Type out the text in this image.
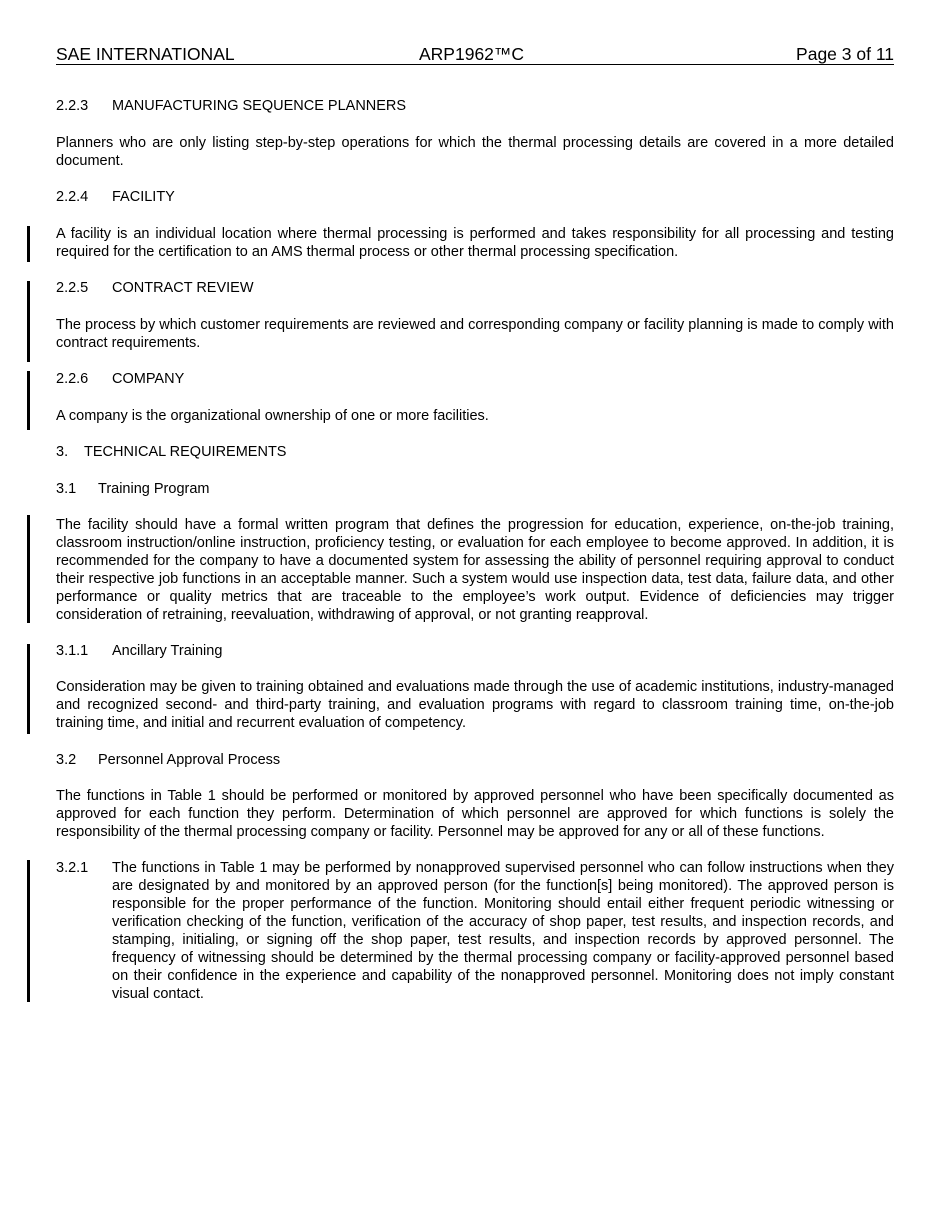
SAE INTERNATIONAL	ARP1962™C	Page 3 of 11
2.2.3 MANUFACTURING SEQUENCE PLANNERS
Planners who are only listing step-by-step operations for which the thermal processing details are covered in a more detailed document.
2.2.4 FACILITY
A facility is an individual location where thermal processing is performed and takes responsibility for all processing and testing required for the certification to an AMS thermal process or other thermal processing specification.
2.2.5 CONTRACT REVIEW
The process by which customer requirements are reviewed and corresponding company or facility planning is made to comply with contract requirements.
2.2.6 COMPANY
A company is the organizational ownership of one or more facilities.
3. TECHNICAL REQUIREMENTS
3.1 Training Program
The facility should have a formal written program that defines the progression for education, experience, on-the-job training, classroom instruction/online instruction, proficiency testing, or evaluation for each employee to become approved. In addition, it is recommended for the company to have a documented system for assessing the ability of personnel requiring approval to conduct their respective job functions in an acceptable manner. Such a system would use inspection data, test data, failure data, and other performance or quality metrics that are traceable to the employee’s work output. Evidence of deficiencies may trigger consideration of retraining, reevaluation, withdrawing of approval, or not granting reapproval.
3.1.1 Ancillary Training
Consideration may be given to training obtained and evaluations made through the use of academic institutions, industry-managed and recognized second- and third-party training, and evaluation programs with regard to classroom training time, on-the-job training time, and initial and recurrent evaluation of competency.
3.2 Personnel Approval Process
The functions in Table 1 should be performed or monitored by approved personnel who have been specifically documented as approved for each function they perform. Determination of which personnel are approved for which functions is solely the responsibility of the thermal processing company or facility. Personnel may be approved for any or all of these functions.
3.2.1 The functions in Table 1 may be performed by nonapproved supervised personnel who can follow instructions when they are designated by and monitored by an approved person (for the function[s] being monitored). The approved person is responsible for the proper performance of the function. Monitoring should entail either frequent periodic witnessing or verification checking of the function, verification of the accuracy of shop paper, test results, and inspection records, and stamping, initialing, or signing off the shop paper, test results, and inspection records by approved personnel. The frequency of witnessing should be determined by the thermal processing company or facility-approved personnel based on their confidence in the experience and capability of the nonapproved personnel. Monitoring does not imply constant visual contact.
